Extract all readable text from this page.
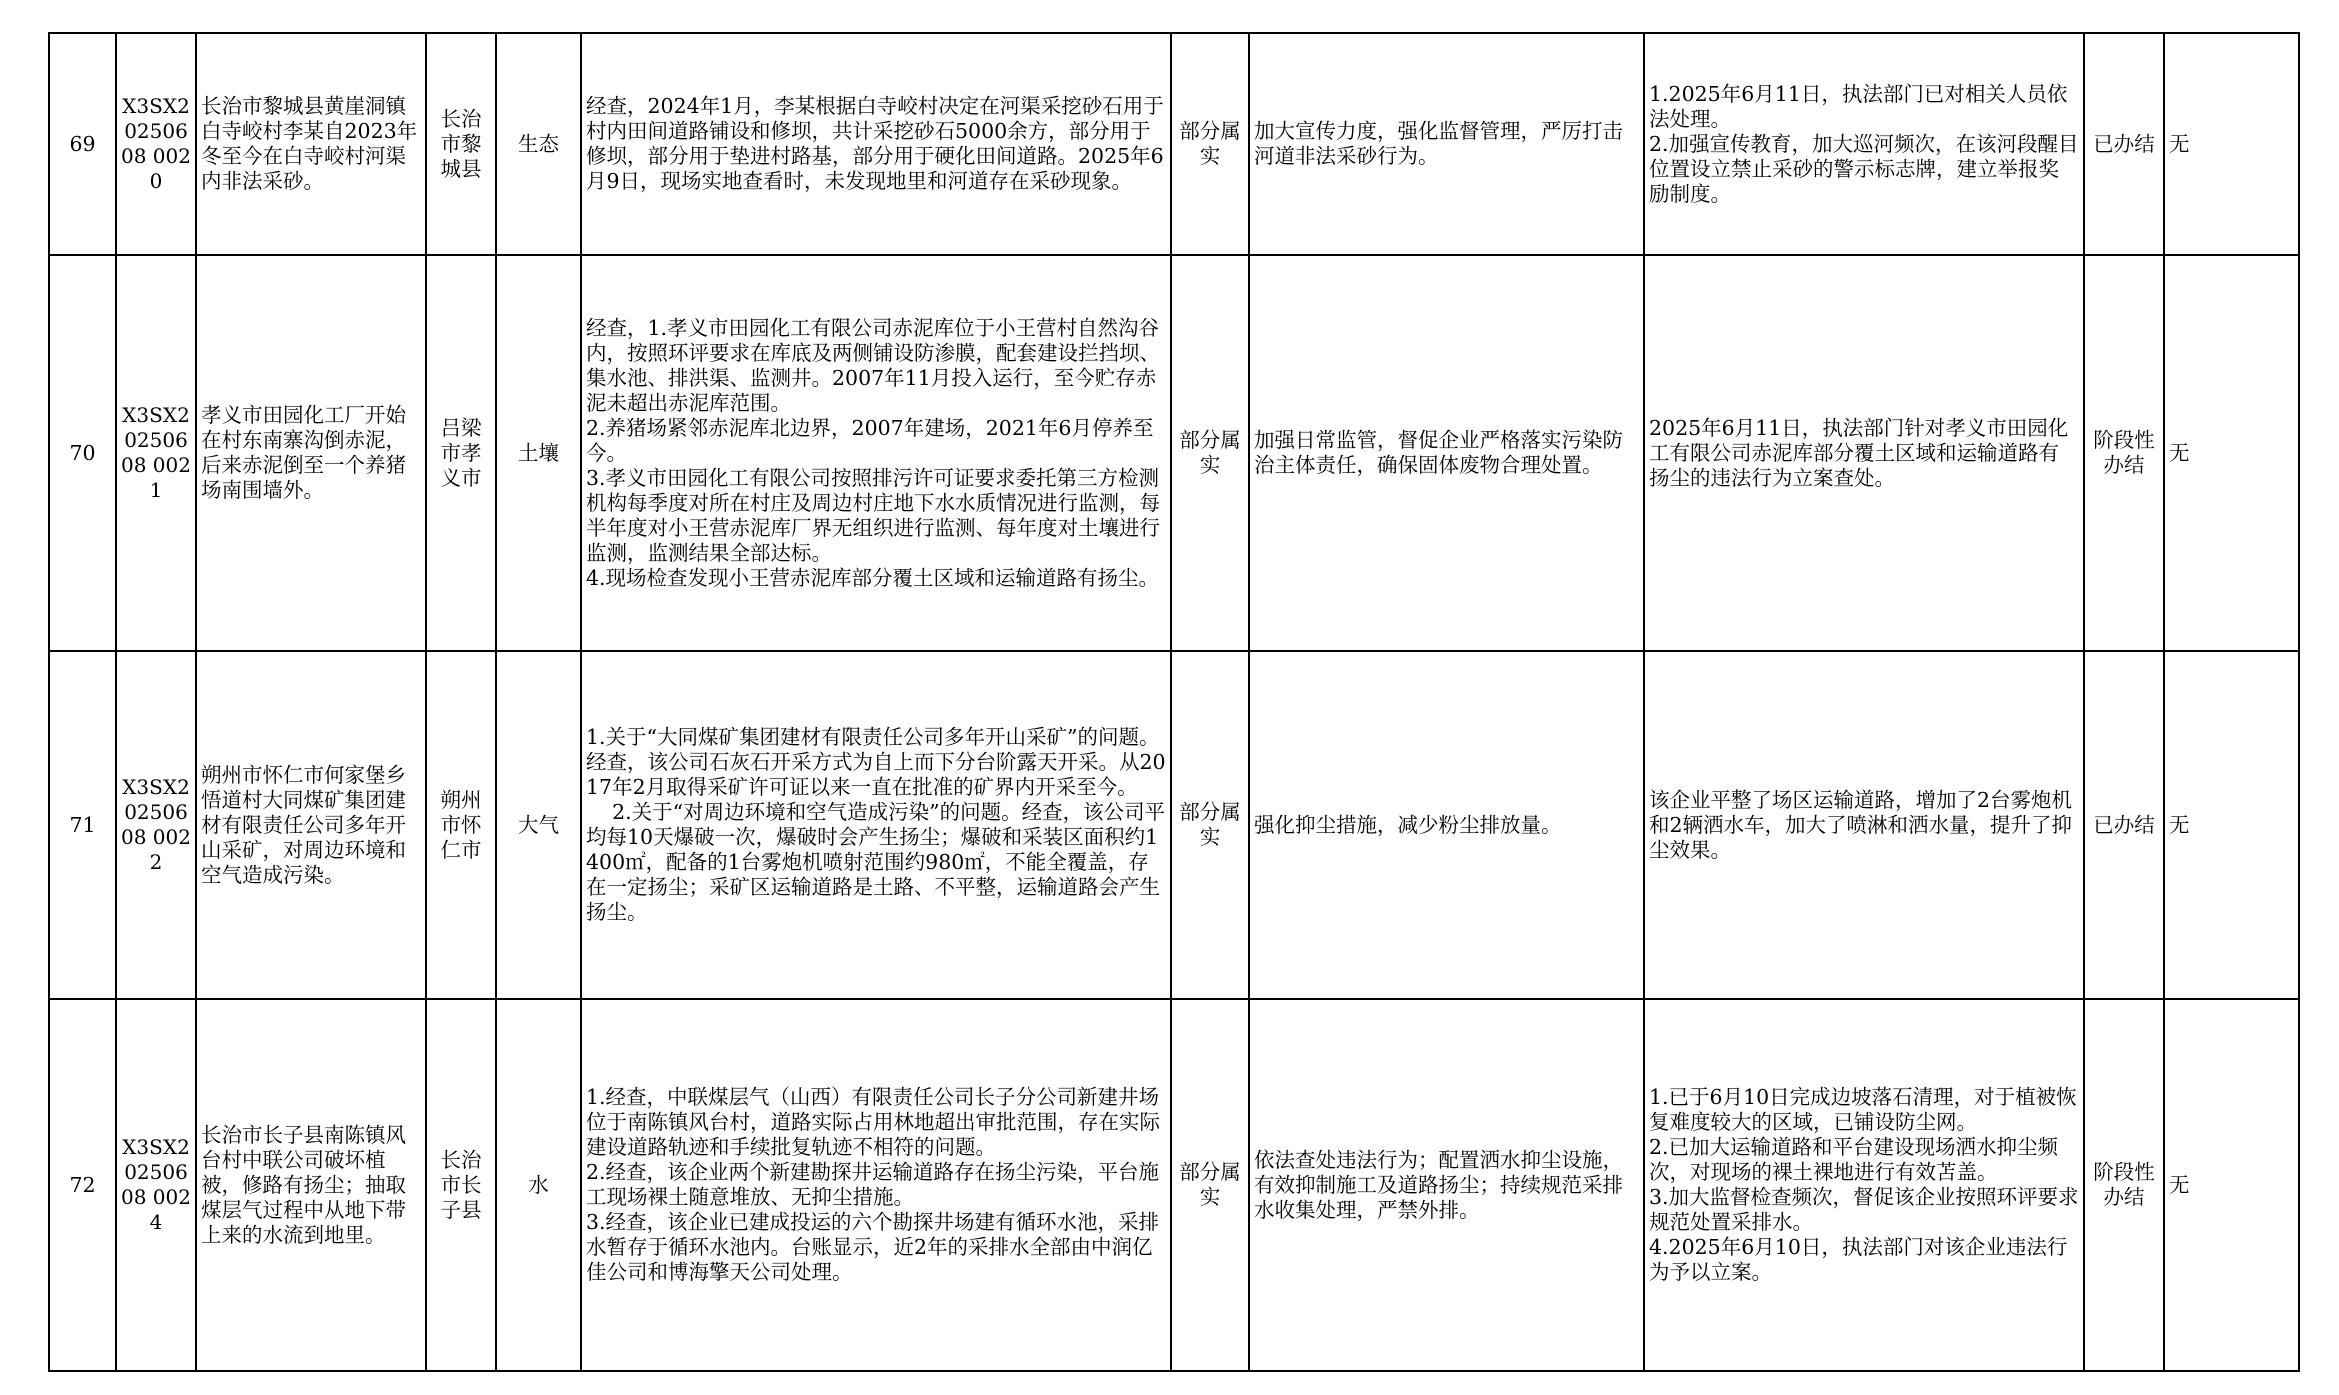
69	X3SX20250608 0020	长治市黎城县黄崖洞镇白寺峧村李某自2023年冬至今在白寺峧村河渠内非法采砂。	长治市黎城县	生态	经查，2024年1月，李某根据白寺峧村决定在河渠采挖砂石用于村内田间道路铺设和修坝，共计采挖砂石5000余方，部分用于修坝，部分用于垫进村路基，部分用于硬化田间道路。2025年6月9日，现场实地查看时，未发现地里和河道存在采砂现象。	部分属实	加大宣传力度，强化监督管理，严厉打击河道非法采砂行为。	1.2025年6月11日，执法部门已对相关人员依法处理。
2.加强宣传教育，加大巡河频次，在该河段醒目位置设立禁止采砂的警示标志牌，建立举报奖励制度。	已办结	无
70	X3SX20250608 0021	孝义市田园化工厂开始在村东南寨沟倒赤泥，后来赤泥倒至一个养猪场南围墙外。	吕梁市孝义市	土壤	经查，1.孝义市田园化工有限公司赤泥库位于小王营村自然沟谷内，按照环评要求在库底及两侧铺设防渗膜，配套建设拦挡坝、集水池、排洪渠、监测井。2007年11月投入运行，至今贮存赤泥未超出赤泥库范围。
2.养猪场紧邻赤泥库北边界，2007年建场，2021年6月停养至今。
3.孝义市田园化工有限公司按照排污许可证要求委托第三方检测机构每季度对所在村庄及周边村庄地下水水质情况进行监测，每半年度对小王营赤泥库厂界无组织进行监测、每年度对土壤进行监测，监测结果全部达标。
4.现场检查发现小王营赤泥库部分覆土区域和运输道路有扬尘。	部分属实	加强日常监管，督促企业严格落实污染防治主体责任，确保固体废物合理处置。	2025年6月11日，执法部门针对孝义市田园化工有限公司赤泥库部分覆土区域和运输道路有扬尘的违法行为立案查处。	阶段性办结	无
71	X3SX20250608 0022	朔州市怀仁市何家堡乡悟道村大同煤矿集团建材有限责任公司多年开山采矿，对周边环境和空气造成污染。	朔州市怀仁市	大气	1.关于“大同煤矿集团建材有限责任公司多年开山采矿”的问题。经查，该公司石灰石开采方式为自上而下分台阶露天开采。从2017年2月取得采矿许可证以来一直在批准的矿界内开采至今。
2.关于“对周边环境和空气造成污染”的问题。经查，该公司平均每10天爆破一次，爆破时会产生扬尘；爆破和采装区面积约1400㎡，配备的1台雾炮机喷射范围约980㎡，不能全覆盖，存在一定扬尘；采矿区运输道路是土路、不平整，运输道路会产生扬尘。	部分属实	强化抑尘措施，减少粉尘排放量。	该企业平整了场区运输道路，增加了2台雾炮机和2辆洒水车，加大了喷淋和洒水量，提升了抑尘效果。	已办结	无
72	X3SX20250608 0024	长治市长子县南陈镇风台村中联公司破坏植被，修路有扬尘；抽取煤层气过程中从地下带上来的水流到地里。	长治市长子县	水	1.经查，中联煤层气（山西）有限责任公司长子分公司新建井场位于南陈镇风台村，道路实际占用林地超出审批范围，存在实际建设道路轨迹和手续批复轨迹不相符的问题。
2.经查，该企业两个新建勘探井运输道路存在扬尘污染，平台施工现场裸土随意堆放、无抑尘措施。
3.经查，该企业已建成投运的六个勘探井场建有循环水池，采排水暂存于循环水池内。台账显示，近2年的采排水全部由中润亿佳公司和博海擎天公司处理。	部分属实	依法查处违法行为；配置洒水抑尘设施，有效抑制施工及道路扬尘；持续规范采排水收集处理，严禁外排。	1.已于6月10日完成边坡落石清理，对于植被恢复难度较大的区域，已铺设防尘网。
2.已加大运输道路和平台建设现场洒水抑尘频次，对现场的裸土裸地进行有效苫盖。
3.加大监督检查频次，督促该企业按照环评要求规范处置采排水。
4.2025年6月10日，执法部门对该企业违法行为予以立案。	阶段性办结	无
